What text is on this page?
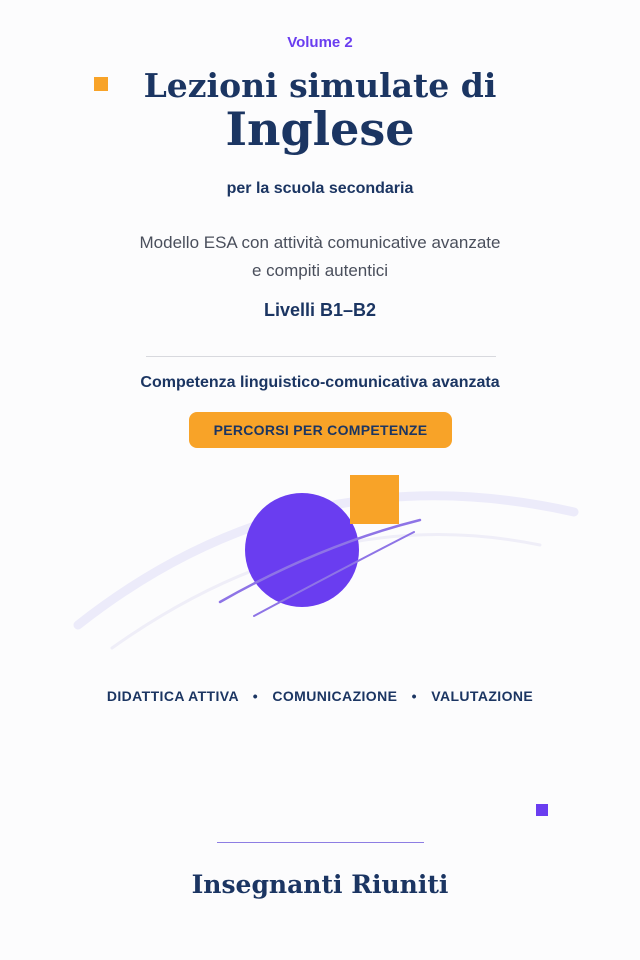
Volume 2
Lezioni simulate di
Inglese
per la scuola secondaria
Modello ESA con attività comunicative avanzate
e compiti autentici
Livelli B1–B2
Competenza linguistico-comunicativa avanzata
PERCORSI PER COMPETENZE
DIDATTICA ATTIVA • COMUNICAZIONE • VALUTAZIONE
Insegnanti Riuniti
